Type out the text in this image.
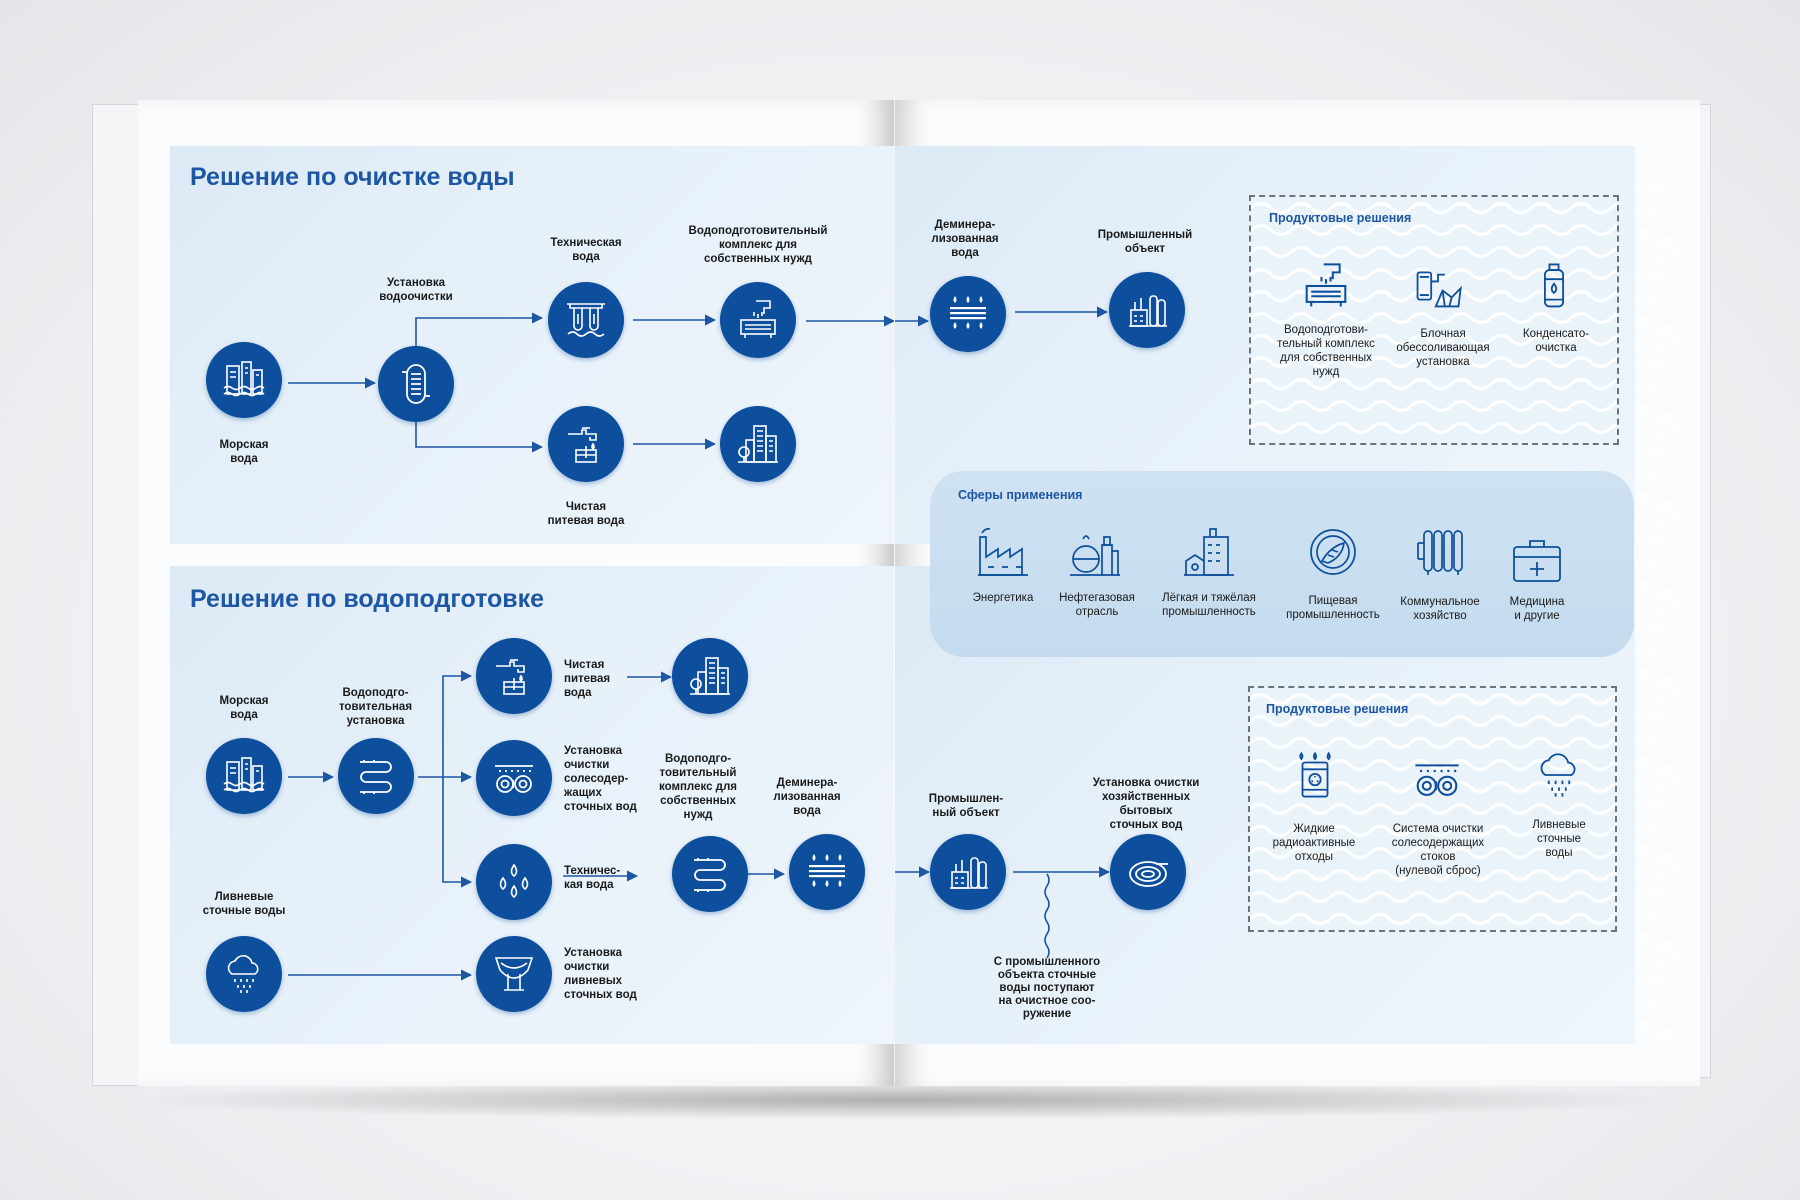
Решение по очистке воды
Решение по водоподготовке
Морская
вода
Установка
водоочистки
Техническая
вода
Водоподготовительный
комплекс для
собственных нужд
Чистая
питевая вода
Морская
вода
Водоподго-
товительная
установка
Чистая
питевая
вода
Установка
очистки
солесодер-
жащих
сточных вод
Техничес-
кая вода
Водоподго-
товительный
комплекс для
собственных
нужд
Деминера-
лизованная
вода
Ливневые
сточные воды
Установка
очистки
ливневых
сточных вод
Деминера-
лизованная
вода
Промышленный
объект
Продуктовые решения
Водоподготови-
тельный комплекс
для собственных
нужд
Блочная
обессоливающая
установка
Конденсато-
очистка
Сферы применения
Энергетика	Нефтегазовая
отрасль
Лёгкая и тяжёлая
промышленность
Пищевая
промышленность
Коммунальное
хозяйство
Медицина
и другие
Промышлен-
ный объект
Установка очистки
хозяйственных
бытовых
сточных вод
С промышленного
объекта сточные
воды поступают
на очистное соо-
ружение
Продуктовые решения
Жидкие
радиоактивные
отходы
Система очистки
солесодержащих
стоков
(нулевой сброс)
Ливневые
сточные
воды
